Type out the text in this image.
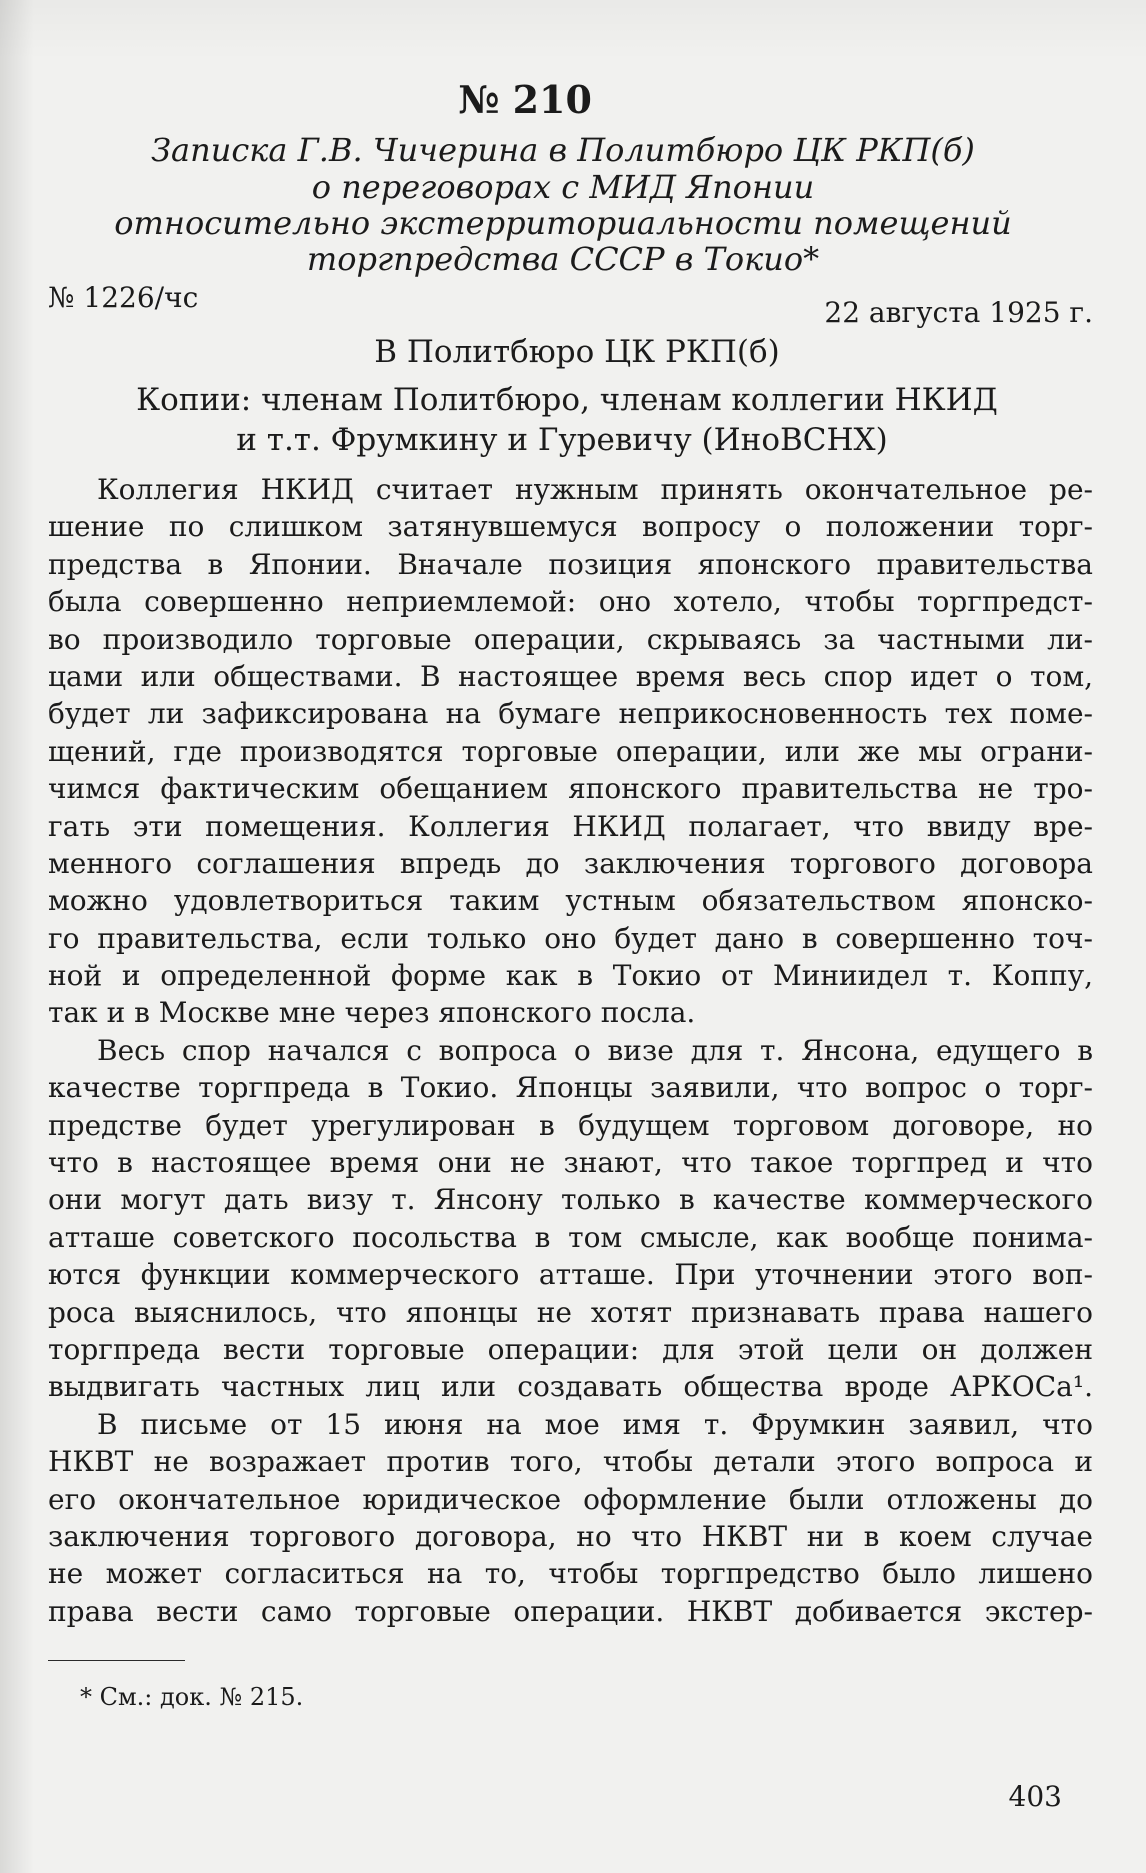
№ 210
Записка Г.В. Чичерина в Политбюро ЦК РКП(б)
о переговорах с МИД Японии
относительно экстерриториальности помещений
торгпредства СССР в Токио*
№ 1226/чс	22 августа 1925 г.
В Политбюро ЦК РКП(б)
Копии: членам Политбюро, членам коллегии НКИД
и т.т. Фрумкину и Гуревичу (ИноВСНХ)
Коллегия НКИД считает нужным принять окончательное ре-
шение по слишком затянувшемуся вопросу о положении торг-
предства в Японии. Вначале позиция японского правительства
была совершенно неприемлемой: оно хотело, чтобы торгпредст-
во производило торговые операции, скрываясь за частными ли-
цами или обществами. В настоящее время весь спор идет о том,
будет ли зафиксирована на бумаге неприкосновенность тех поме-
щений, где производятся торговые операции, или же мы ограни-
чимся фактическим обещанием японского правительства не тро-
гать эти помещения. Коллегия НКИД полагает, что ввиду вре-
менного соглашения впредь до заключения торгового договора
можно удовлетвориться таким устным обязательством японско-
го правительства, если только оно будет дано в совершенно точ-
ной и определенной форме как в Токио от Миниидел т. Коппу,
так и в Москве мне через японского посла.
Весь спор начался с вопроса о визе для т. Янсона, едущего в
качестве торгпреда в Токио. Японцы заявили, что вопрос о торг-
предстве будет урегулирован в будущем торговом договоре, но
что в настоящее время они не знают, что такое торгпред и что
они могут дать визу т. Янсону только в качестве коммерческого
атташе советского посольства в том смысле, как вообще понима-
ются функции коммерческого атташе. При уточнении этого воп-
роса выяснилось, что японцы не хотят признавать права нашего
торгпреда вести торговые операции: для этой цели он должен
выдвигать частных лиц или создавать общества вроде АРКОСа¹.
В письме от 15 июня на мое имя т. Фрумкин заявил, что
НКВТ не возражает против того, чтобы детали этого вопроса и
его окончательное юридическое оформление были отложены до
заключения торгового договора, но что НКВТ ни в коем случае
не может согласиться на то, чтобы торгпредство было лишено
права вести само торговые операции. НКВТ добивается экстер-
* См.: док. № 215.
403
